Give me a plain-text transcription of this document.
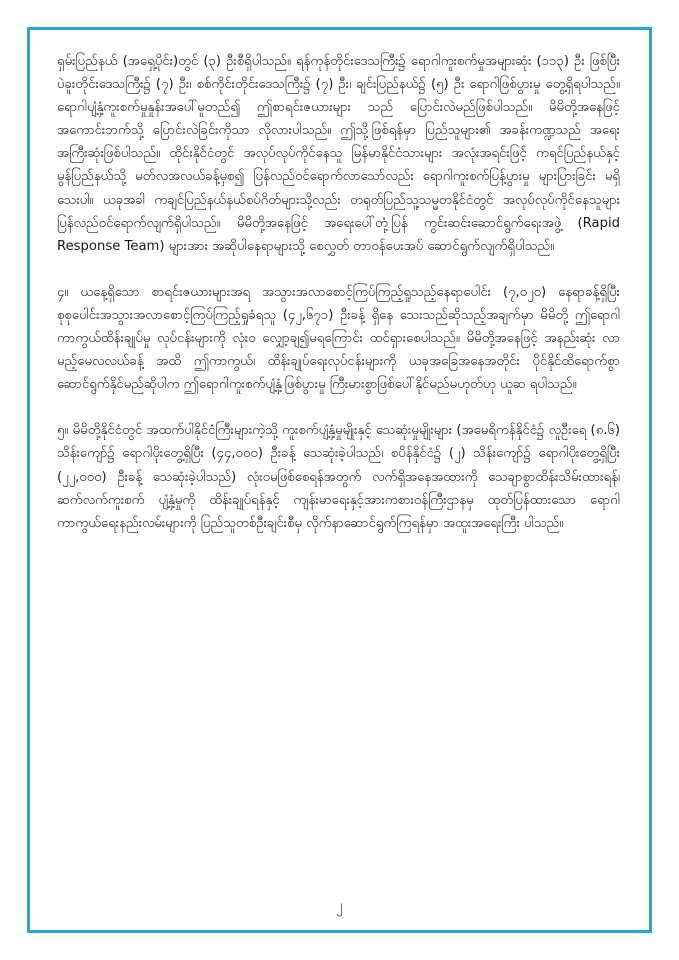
ရှမ်းပြည်နယ် (အရှေ့ပိုင်း)တွင် (၃) ဦးစီရှိပါသည်။ ရန်ကုန်တိုင်းဒေသကြီး၌ ရောဂါကူးစက်မှုအများဆုံး (၁၁၃) ဦး ဖြစ်ပြီး ပဲခူးတိုင်းဒေသကြီး၌ (၇) ဦး၊ စစ်ကိုင်းတိုင်းဒေသကြီး၌ (၇) ဦး၊ ချင်းပြည်နယ်၌ (၅) ဦး ရောဂါဖြစ်ပွားမှု တွေ့ရှိရပါသည်။ ရောဂါပျံ့နှံ့ကူးစက်မှုနှုန်းအပေါ်မူတည်၍ ဤစာရင်းဇယားများ သည် ပြောင်းလဲမည်ဖြစ်ပါသည်။ မိမိတို့အနေဖြင့် အကောင်းဘက်သို့ ပြောင်းလဲခြင်းကိုသာ လိုလားပါသည်။ ဤသို့ဖြစ်ရန်မှာ ပြည်သူများ၏ အခန်းကဏ္ဍသည် အရေးအကြီးဆုံးဖြစ်ပါသည်။ ထိုင်းနိုင်ငံတွင် အလုပ်လုပ်ကိုင်နေသူ မြန်မာနိုင်ငံသားများ အလုံးအရင်းဖြင့် ကရင်ပြည်နယ်နှင့် မွန်ပြည်နယ်သို့ မတ်လအလယ်ခန့်မှစ၍ ပြန်လည်ဝင်ရောက်လာသော်လည်း ရောဂါကူးစက်ပြန့်ပွားမှု များပြားခြင်း မရှိသေးပါ။ ယခုအခါ ကချင်ပြည်နယ်နယ်စပ်ဂိတ်များသို့လည်း တရုတ်ပြည်သူ့သမ္မတနိုင်ငံတွင် အလုပ်လုပ်ကိုင်နေသူများ ပြန်လည်ဝင်ရောက်လျက်ရှိပါသည်။ မိမိတို့အနေဖြင့် အရေးပေါ်တုံ့ပြန် ကွင်းဆင်းဆောင်ရွက်ရေးအဖွဲ့ (Rapid Response Team) များအား အဆိုပါနေရာများသို့ စေလွှတ် တာဝန်ပေးအပ် ဆောင်ရွက်လျက်ရှိပါသည်။

၄။ ယနေ့ရှိသော စာရင်းဇယားများအရ အသွားအလာစောင့်ကြပ်ကြည့်ရှုသည့်နေရာပေါင်း (၇,၀၂၀) နေရာခန့်ရှိပြီး စုစုပေါင်းအသွားအလာစောင့်ကြပ်ကြည့်ရှုခံရသူ (၄၂,၆၇၁) ဦးခန့် ရှိနေ သေးသည်ဆိုသည့်အချက်မှာ မိမိတို့ ဤရောဂါကာကွယ်ထိန်းချုပ်မှု လုပ်ငန်းများကို လုံးဝ လျှော့ချ၍မရကြောင်း ထင်ရှားစေပါသည်။ မိမိတို့အနေဖြင့် အနည်းဆုံး လာမည့်မေလလယ်ခန့် အထိ ဤကာကွယ်၊ ထိန်းချုပ်ရေးလုပ်ငန်းများကို ယခုအခြေအနေအတိုင်း ပိုင်နိုင်ထိရောက်စွာ ဆောင်ရွက်နိုင်မည်ဆိုပါက ဤရောဂါကူးစက်ပျံ့နှံ့ဖြစ်ပွားမှု ကြီးမားစွာဖြစ်ပေါ်နိုင်မည်မဟုတ်ဟု ယူဆ ရပါသည်။

၅။ မိမိတို့နိုင်ငံတွင် အထက်ပါနိုင်ငံကြီးများကဲ့သို့ ကူးစက်ပျံ့နှံ့မှုမျိုးနှင့် သေဆုံးမှုမျိုးများ (အမေရိကန်နိုင်ငံ၌ လူဦးရေ (၈.၆) သိန်းကျော်၌ ရောဂါပိုးတွေ့ရှိပြီး (၄၄,၀၀၀) ဦးခန့် သေဆုံးခဲ့ပါသည်၊ စပိန်နိုင်ငံ၌ (၂) သိန်းကျော်၌ ရောဂါပိုးတွေ့ရှိပြီး (၂၂,၀၀၀) ဦးခန့် သေဆုံးခဲ့ပါသည်) လုံးဝမဖြစ်စေရန်အတွက် လက်ရှိအနေအထားကို သေချာစွာထိန်းသိမ်းထားရန်၊ ဆက်လက်ကူးစက် ပျံ့နှံ့မှုကို ထိန်းချုပ်ရန်နှင့် ကျန်းမာရေးနှင့်အားကစားဝန်ကြီးဌာနမှ ထုတ်ပြန်ထားသော ရောဂါ ကာကွယ်ရေးနည်းလမ်းများကို ပြည်သူတစ်ဦးချင်းစီမှ လိုက်နာဆောင်ရွက်ကြရန်မှာ အထူးအရေးကြီး ပါသည်။

၂
